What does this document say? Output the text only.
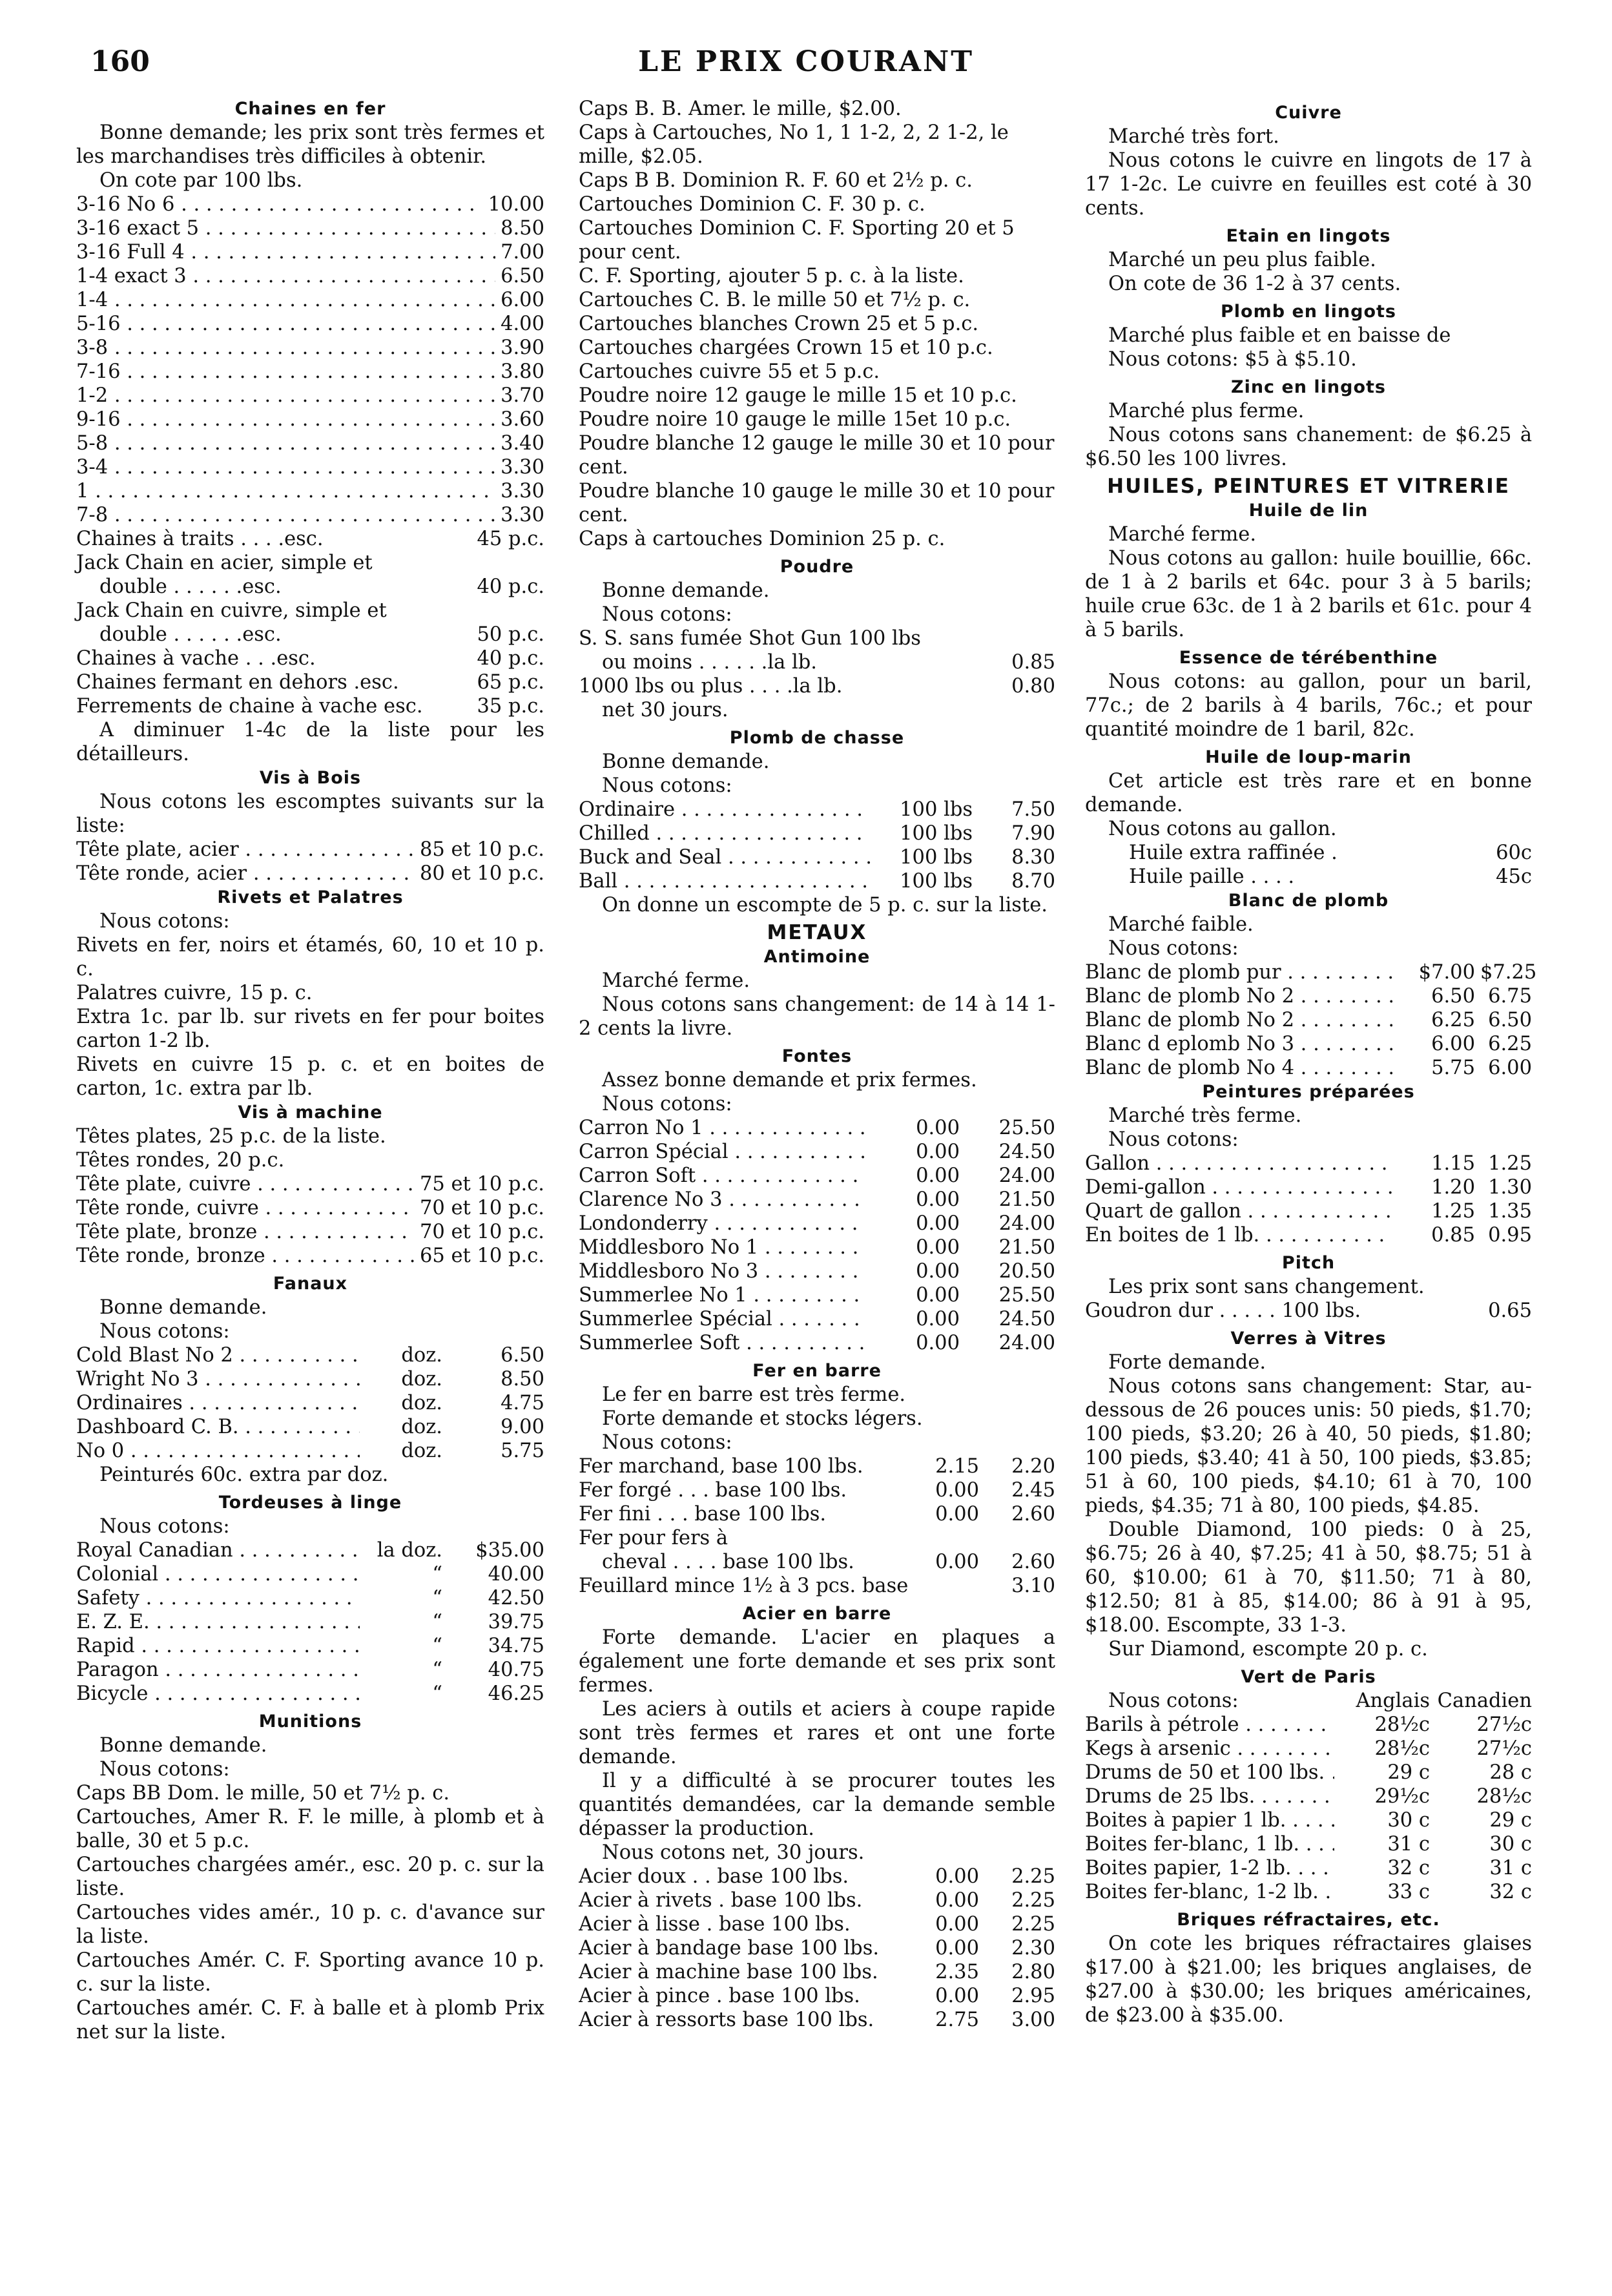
160	LE PRIX COURANT
Chaines en fer
Bonne demande; les prix sont très fermes et les marchandises très difficiles à obtenir.
On cote par 100 lbs.
3-16 No 6 . . .	10.00
3-16 exact 5 . . .	8.50
3-16 Full 4 . . .	7.00
1-4 exact 3 . . .	6.50
1-4 . . .	6.00
5-16 . . .	4.00
3-8 . . .	3.90
7-16 . . .	3.80
1-2 . . .	3.70
9-16 . . .	3.60
5-8 . . .	3.40
3-4 . . .	3.30
1 . . .	3.30
7-8 . . .	3.30
Chaines à traits . . . .esc.	45 p.c.
Jack Chain en acier, simple et
double . . . . . .esc.	40 p.c.
Jack Chain en cuivre, simple et
double . . . . . .esc.	50 p.c.
Chaines à vache . . .esc.	40 p.c.
Chaines fermant en dehors .esc.	65 p.c.
Ferrements de chaine à vache esc.	35 p.c.
A diminuer 1-4c de la liste pour les détailleurs.
Vis à Bois
Nous cotons les escomptes suivants sur la liste:
Tête plate, acier . . .	85 et 10 p.c.
Tête ronde, acier . . .	80 et 10 p.c.
Rivets et Palatres
Nous cotons:
Rivets en fer, noirs et étamés, 60, 10 et 10 p. c.
Palatres cuivre, 15 p. c.
Extra 1c. par lb. sur rivets en fer pour boites carton 1-2 lb.
Rivets en cuivre 15 p. c. et en boites de carton, 1c. extra par lb.
Vis à machine
Têtes plates, 25 p.c. de la liste.
Têtes rondes, 20 p.c.
Tête plate, cuivre . . .	75 et 10 p.c.
Tête ronde, cuivre . . .	70 et 10 p.c.
Tête plate, bronze . . .	70 et 10 p.c.
Tête ronde, bronze . . .	65 et 10 p.c.
Fanaux
Bonne demande.
Nous cotons:
Cold Blast No 2 . . .	doz.	6.50
Wright No 3 . . .	doz.	8.50
Ordinaires . . .	doz.	4.75
Dashboard C. B. . . .	doz.	9.00
No 0 . . .	doz.	5.75
Peinturés 60c. extra par doz.
Tordeuses à linge
Nous cotons:
Royal Canadian . . .	la doz.	$35.00
Colonial . . .	“	40.00
Safety . . .	“	42.50
E. Z. E. . . .	“	39.75
Rapid . . .	“	34.75
Paragon . . .	“	40.75
Bicycle . . .	“	46.25
Munitions
Bonne demande.
Nous cotons:
Caps BB Dom. le mille, 50 et 7½ p. c.
Cartouches, Amer R. F. le mille, à plomb et à balle, 30 et 5 p.c.
Cartouches chargées amér., esc. 20 p. c. sur la liste.
Cartouches vides amér., 10 p. c. d'avance sur la liste.
Cartouches Amér. C. F. Sporting avance 10 p. c. sur la liste.
Cartouches amér. C. F. à balle et à plomb Prix net sur la liste.
Caps B. B. Amer. le mille, $2.00.
Caps à Cartouches, No 1, 1 1-2, 2, 2 1-2, le mille, $2.05.
Caps B B. Dominion R. F. 60 et 2½ p. c.
Cartouches Dominion C. F. 30 p. c.
Cartouches Dominion C. F. Sporting 20 et 5 pour cent.
C. F. Sporting, ajouter 5 p. c. à la liste.
Cartouches C. B. le mille 50 et 7½ p. c.
Cartouches blanches Crown 25 et 5 p.c.
Cartouches chargées Crown 15 et 10 p.c.
Cartouches cuivre 55 et 5 p.c.
Poudre noire 12 gauge le mille 15 et 10 p.c.
Poudre noire 10 gauge le mille 15et 10 p.c.
Poudre blanche 12 gauge le mille 30 et 10 pour cent.
Poudre blanche 10 gauge le mille 30 et 10 pour cent.
Caps à cartouches Dominion 25 p. c.
Poudre
Bonne demande.
Nous cotons:
S. S. sans fumée Shot Gun 100 lbs
ou moins . . . . . .la lb.	0.85
1000 lbs ou plus . . . .la lb.	0.80
net 30 jours.
Plomb de chasse
Bonne demande.
Nous cotons:
Ordinaire . . .	100 lbs	7.50
Chilled . . .	100 lbs	7.90
Buck and Seal . . .	100 lbs	8.30
Ball . . .	100 lbs	8.70
On donne un escompte de 5 p. c. sur la liste.
METAUX
Antimoine
Marché ferme.
Nous cotons sans changement: de 14 à 14 1-2 cents la livre.
Fontes
Assez bonne demande et prix fermes.
Nous cotons:
Carron No 1 . . .	0.00	25.50
Carron Spécial . . .	0.00	24.50
Carron Soft . . .	0.00	24.00
Clarence No 3 . . .	0.00	21.50
Londonderry . . .	0.00	24.00
Middlesboro No 1 . . .	0.00	21.50
Middlesboro No 3 . . .	0.00	20.50
Summerlee No 1 . . .	0.00	25.50
Summerlee Spécial . . .	0.00	24.50
Summerlee Soft . . .	0.00	24.00
Fer en barre
Le fer en barre est très ferme.
Forte demande et stocks légers.
Nous cotons:
Fer marchand, base 100 lbs.	2.15	2.20
Fer forgé . . . base 100 lbs.	0.00	2.45
Fer fini . . . base 100 lbs.	0.00	2.60
Fer pour fers à
cheval . . . . base 100 lbs.	0.00	2.60
Feuillard mince 1½ à 3 pcs. base	3.10
Acier en barre
Forte demande. L'acier en plaques a également une forte demande et ses prix sont fermes.
Les aciers à outils et aciers à coupe rapide sont très fermes et rares et ont une forte demande.
Il y a difficulté à se procurer toutes les quantités demandées, car la demande semble dépasser la production.
Nous cotons net, 30 jours.
Acier doux . . base 100 lbs.	0.00	2.25
Acier à rivets . base 100 lbs.	0.00	2.25
Acier à lisse . base 100 lbs.	0.00	2.25
Acier à bandage base 100 lbs.	0.00	2.30
Acier à machine base 100 lbs.	2.35	2.80
Acier à pince . base 100 lbs.	0.00	2.95
Acier à ressorts base 100 lbs.	2.75	3.00
Cuivre
Marché très fort.
Nous cotons le cuivre en lingots de 17 à 17 1-2c. Le cuivre en feuilles est coté à 30 cents.
Etain en lingots
Marché un peu plus faible.
On cote de 36 1-2 à 37 cents.
Plomb en lingots
Marché plus faible et en baisse de
Nous cotons: $5 à $5.10.
Zinc en lingots
Marché plus ferme.
Nous cotons sans chanement: de $6.25 à $6.50 les 100 livres.
HUILES, PEINTURES ET VITRERIE
Huile de lin
Marché ferme.
Nous cotons au gallon: huile bouillie, 66c. de 1 à 2 barils et 64c. pour 3 à 5 barils; huile crue 63c. de 1 à 2 barils et 61c. pour 4 à 5 barils.
Essence de térébenthine
Nous cotons: au gallon, pour un baril, 77c.; de 2 barils à 4 barils, 76c.; et pour quantité moindre de 1 baril, 82c.
Huile de loup-marin
Cet article est très rare et en bonne demande.
Nous cotons au gallon.
Huile extra raffinée .	60c
Huile paille . . . .	45c
Blanc de plomb
Marché faible.
Nous cotons:
Blanc de plomb pur . . .	$7.00 $7.25
Blanc de plomb No 2 . . .	6.50 6.75
Blanc de plomb No 2 . . .	6.25 6.50
Blanc d eplomb No 3 . . .	6.00 6.25
Blanc de plomb No 4 . . .	5.75 6.00
Peintures préparées
Marché très ferme.
Nous cotons:
Gallon . . .	1.15 1.25
Demi-gallon . . .	1.20 1.30
Quart de gallon . . .	1.25 1.35
En boites de 1 lb. . . .	0.85 0.95
Pitch
Les prix sont sans changement.
Goudron dur . . . . . 100 lbs.	0.65
Verres à Vitres
Forte demande.
Nous cotons sans changement: Star, au-dessous de 26 pouces unis: 50 pieds, $1.70; 100 pieds, $3.20; 26 à 40, 50 pieds, $1.80; 100 pieds, $3.40; 41 à 50, 100 pieds, $3.85; 51 à 60, 100 pieds, $4.10; 61 à 70, 100 pieds, $4.35; 71 à 80, 100 pieds, $4.85.
Double Diamond, 100 pieds: 0 à 25, $6.75; 26 à 40, $7.25; 41 à 50, $8.75; 51 à 60, $10.00; 61 à 70, $11.50; 71 à 80, $12.50; 81 à 85, $14.00; 86 à 91 à 95, $18.00. Escompte, 33 1-3.
Sur Diamond, escompte 20 p. c.
Vert de Paris
Nous cotons:	Anglais Canadien
Barils à pétrole . . .	28½c	27½c
Kegs à arsenic . . .	28½c	27½c
Drums de 50 et 100 lbs. . . .	29 c	28 c
Drums de 25 lbs. . . .	29½c	28½c
Boites à papier 1 lb. . . .	30 c	29 c
Boites fer-blanc, 1 lb. . . .	31 c	30 c
Boites papier, 1-2 lb. . . .	32 c	31 c
Boites fer-blanc, 1-2 lb. . . .	33 c	32 c
Briques réfractaires, etc.
On cote les briques réfractaires glaises $17.00 à $21.00; les briques anglaises, de $27.00 à $30.00; les briques américaines, de $23.00 à $35.00.
